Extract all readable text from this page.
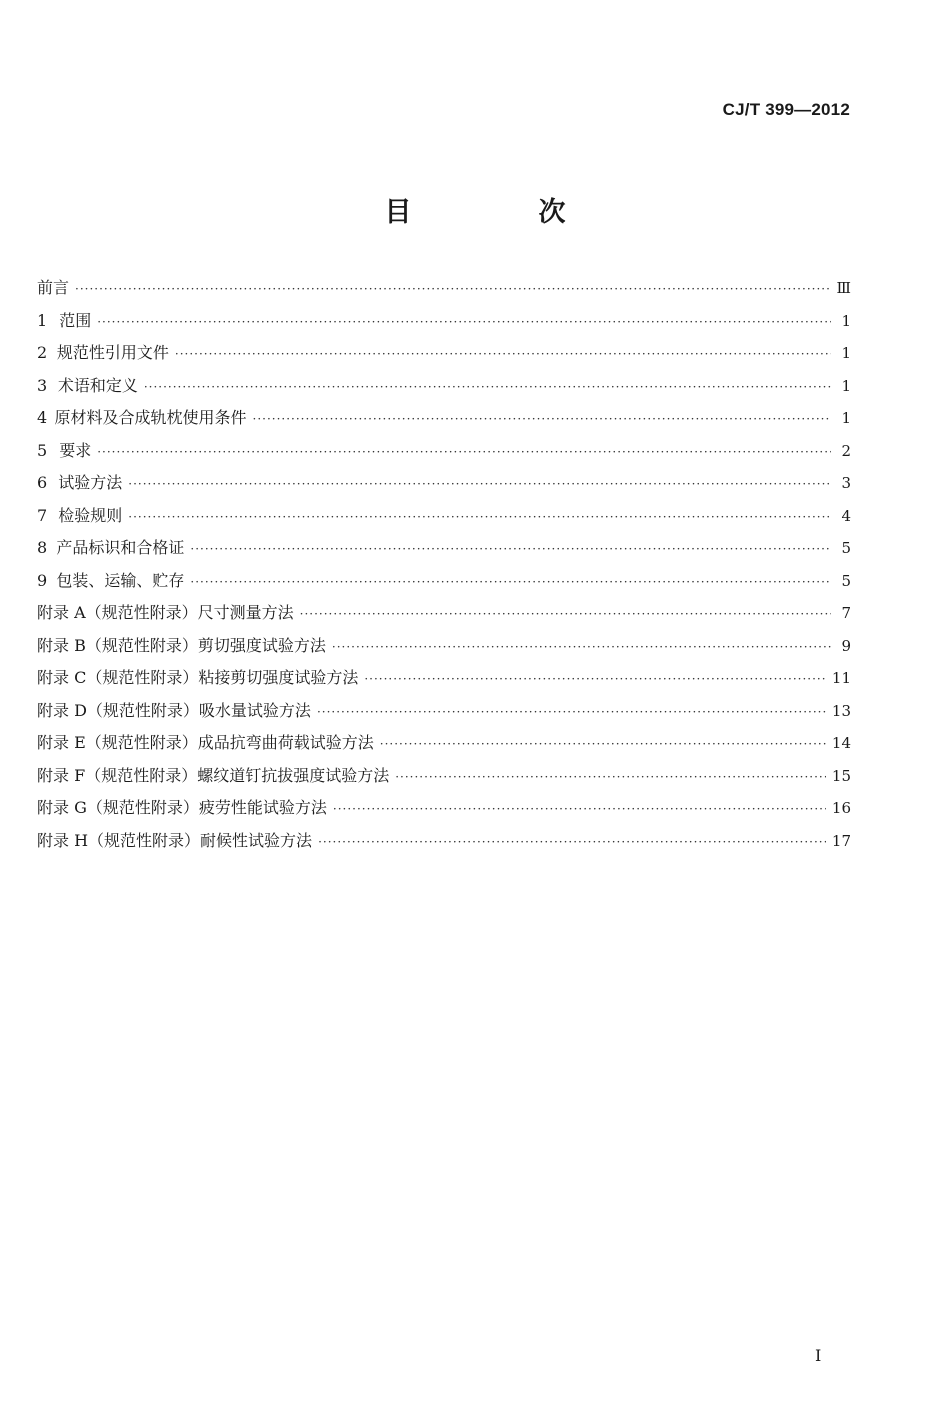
CJ/T 399—2012
目　次
前言 ·····	Ⅲ
1 范围 ·····	1
2 规范性引用文件 ·····	1
3 术语和定义 ·····	1
4 原材料及合成轨枕使用条件 ·····	1
5 要求 ·····	2
6 试验方法 ·····	3
7 检验规则 ·····	4
8 产品标识和合格证 ·····	5
9 包装、运输、贮存 ·····	5
附录 A（规范性附录） 尺寸测量方法 ·····	7
附录 B（规范性附录） 剪切强度试验方法 ·····	9
附录 C（规范性附录） 粘接剪切强度试验方法 ·····	11
附录 D（规范性附录） 吸水量试验方法 ·····	13
附录 E（规范性附录） 成品抗弯曲荷载试验方法 ·····	14
附录 F（规范性附录） 螺纹道钉抗拔强度试验方法 ·····	15
附录 G（规范性附录） 疲劳性能试验方法 ·····	16
附录 H（规范性附录） 耐候性试验方法 ·····	17
I
